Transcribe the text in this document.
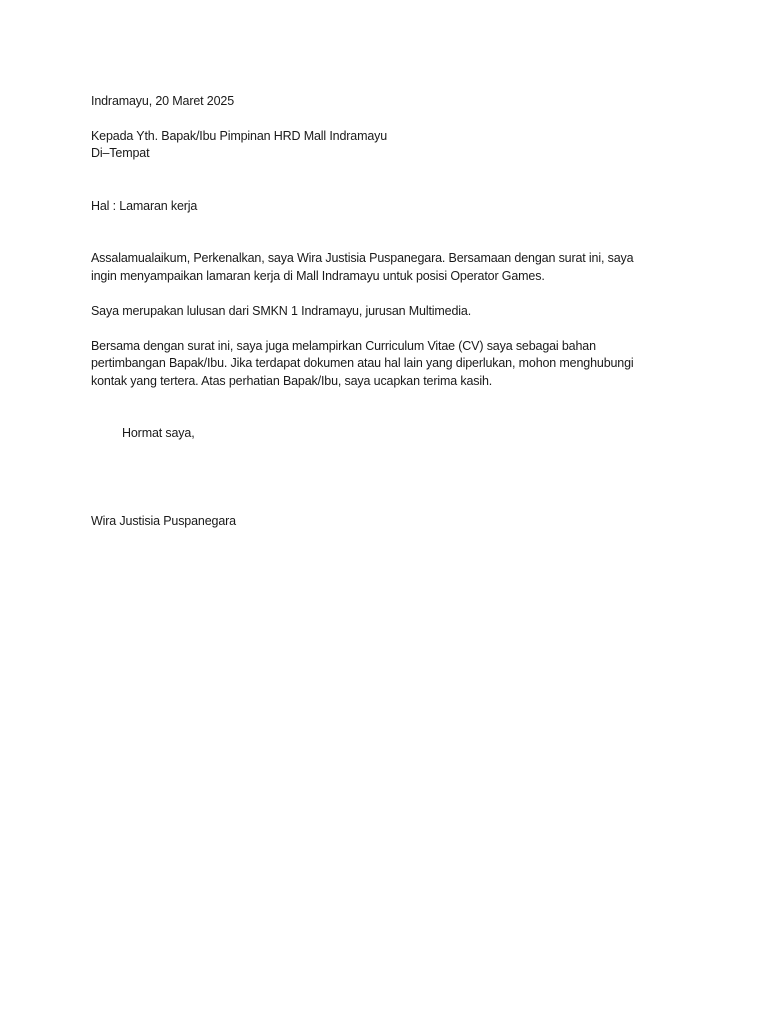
Indramayu, 20 Maret 2025

Kepada Yth. Bapak/Ibu Pimpinan HRD Mall Indramayu

Di–Tempat

Hal : Lamaran kerja

Assalamualaikum, Perkenalkan, saya Wira Justisia Puspanegara. Bersamaan dengan surat ini, saya

ingin menyampaikan lamaran kerja di Mall Indramayu untuk posisi Operator Games.

Saya merupakan lulusan dari SMKN 1 Indramayu, jurusan Multimedia.

Bersama dengan surat ini, saya juga melampirkan Curriculum Vitae (CV) saya sebagai bahan

pertimbangan Bapak/Ibu. Jika terdapat dokumen atau hal lain yang diperlukan, mohon menghubungi

kontak yang tertera. Atas perhatian Bapak/Ibu, saya ucapkan terima kasih.

Hormat saya,

Wira Justisia Puspanegara
